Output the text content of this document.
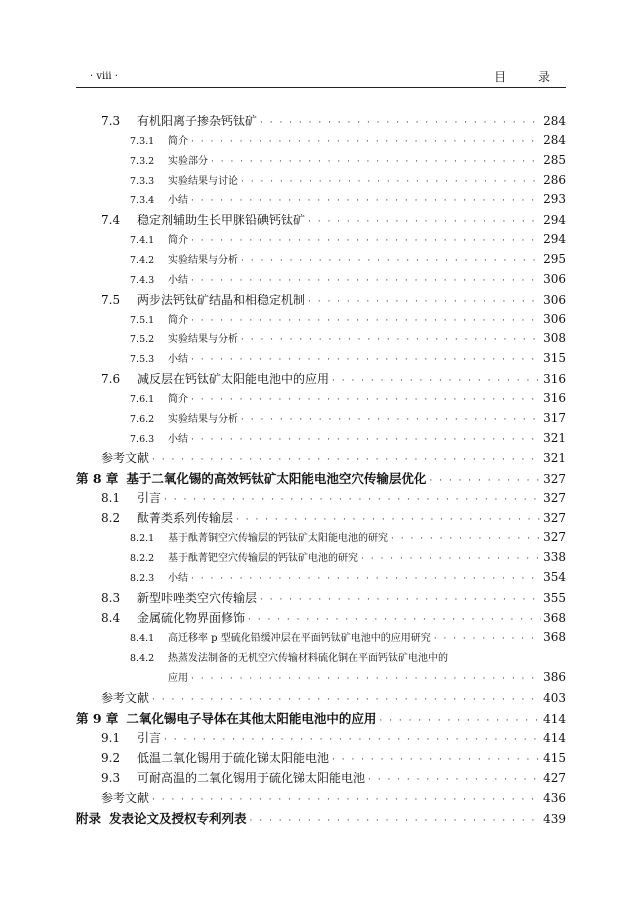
· viii ·	目 录
7.3	有机阳离子掺杂钙钛矿 · · ·	284
7.3.1	简介 · · ·	284
7.3.2	实验部分 · · ·	285
7.3.3	实验结果与讨论 · · ·	286
7.3.4	小结 · · ·	293
7.4	稳定剂辅助生长甲脒铅碘钙钛矿 · · ·	294
7.4.1	简介 · · ·	294
7.4.2	实验结果与分析 · · ·	295
7.4.3	小结 · · ·	306
7.5	两步法钙钛矿结晶和相稳定机制 · · ·	306
7.5.1	简介 · · ·	306
7.5.2	实验结果与分析 · · ·	308
7.5.3	小结 · · ·	315
7.6	减反层在钙钛矿太阳能电池中的应用 · · ·	316
7.6.1	简介 · · ·	316
7.6.2	实验结果与分析 · · ·	317
7.6.3	小结 · · ·	321
参考文献 · · ·	321
第 8 章 基于二氧化锡的高效钙钛矿太阳能电池空穴传输层优化 · · ·	327
8.1	引言 · · ·	327
8.2	酞菁类系列传输层 · · ·	327
8.2.1	基于酞菁铜空穴传输层的钙钛矿太阳能电池的研究 · · ·	327
8.2.2	基于酞菁钯空穴传输层的钙钛矿电池的研究 · · ·	338
8.2.3	小结 · · ·	354
8.3	新型咔唑类空穴传输层 · · ·	355
8.4	金属硫化物界面修饰 · · ·	368
8.4.1	高迁移率 p 型硫化铅缓冲层在平面钙钛矿电池中的应用研究 · · ·	368
8.4.2	热蒸发法制备的无机空穴传输材料硫化铜在平面钙钛矿电池中的
应用 · · ·	386
参考文献 · · ·	403
第 9 章 二氧化锡电子导体在其他太阳能电池中的应用 · · ·	414
9.1	引言 · · ·	414
9.2	低温二氧化锡用于硫化锑太阳能电池 · · ·	415
9.3	可耐高温的二氧化锡用于硫化锑太阳能电池 · · ·	427
参考文献 · · ·	436
附录 发表论文及授权专利列表 · · ·	439
